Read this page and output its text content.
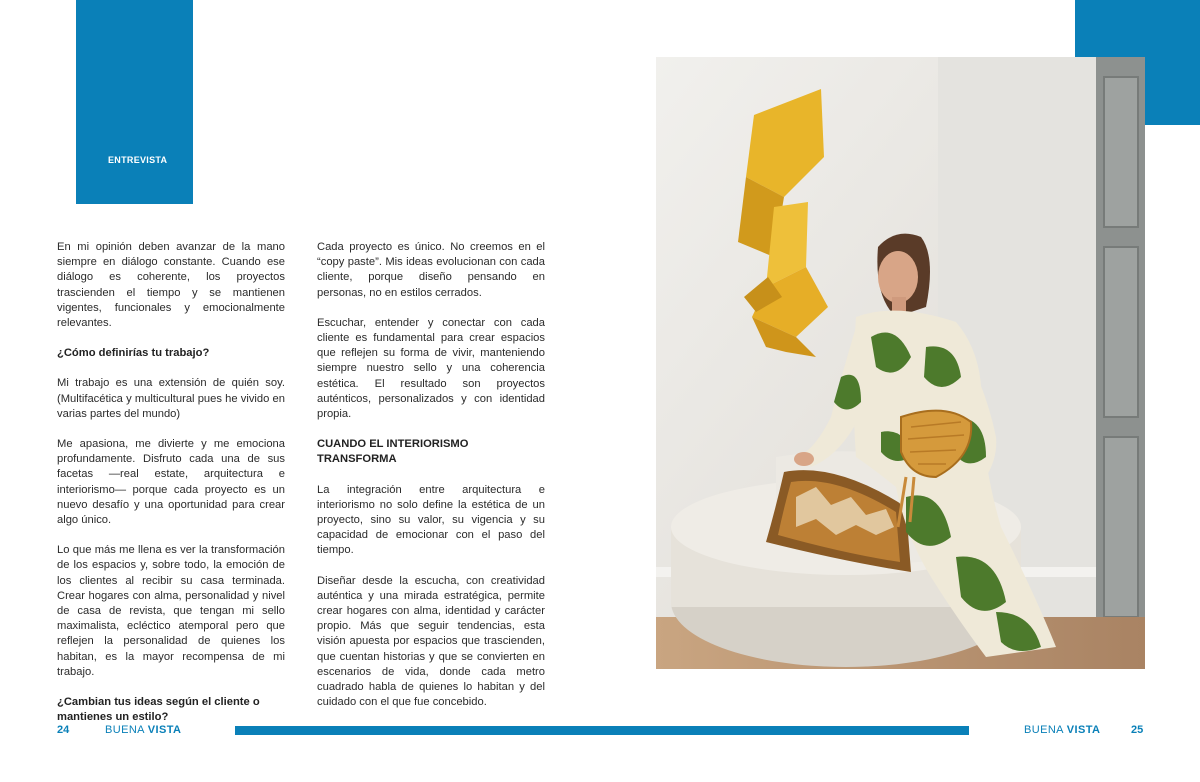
ENTREVISTA

En mi opinión deben avanzar de la mano siempre en diálogo constante. Cuando ese diálogo es coherente, los proyectos trascienden el tiempo y se mantienen vigentes, funcionales y emocionalmente relevantes.

¿Cómo definirías tu trabajo?

Mi trabajo es una extensión de quién soy. (Multifacética y multicultural pues he vivido en varias partes del mundo)

Me apasiona, me divierte y me emociona profundamente. Disfruto cada una de sus facetas —real estate, arquitectura e interiorismo— porque cada proyecto es un nuevo desafío y una oportunidad para crear algo único.

Lo que más me llena es ver la transformación de los espacios y, sobre todo, la emoción de los clientes al recibir su casa terminada. Crear hogares con alma, personalidad y nivel de casa de revista, que tengan mi sello maximalista, ecléctico atemporal pero que reflejen la personalidad de quienes los habitan, es la mayor recompensa de mi trabajo.

¿Cambian tus ideas según el cliente o mantienes un estilo?

Cada proyecto es único. No creemos en el “copy paste”. Mis ideas evolucionan con cada cliente, porque diseño pensando en personas, no en estilos cerrados.

Escuchar, entender y conectar con cada cliente es fundamental para crear espacios que reflejen su forma de vivir, manteniendo siempre nuestro sello y una coherencia estética. El resultado son proyectos auténticos, personalizados y con identidad propia.

CUANDO EL INTERIORISMO TRANSFORMA

La integración entre arquitectura e interiorismo no solo define la estética de un proyecto, sino su valor, su vigencia y su capacidad de emocionar con el paso del tiempo.

Diseñar desde la escucha, con creatividad auténtica y una mirada estratégica, permite crear hogares con alma, identidad y carácter propio. Más que seguir tendencias, esta visión apuesta por espacios que trascienden, que cuentan historias y que se convierten en escenarios de vida, donde cada metro cuadrado habla de quienes lo habitan y del cuidado con el que fue concebido.

24	BUENA VISTA	BUENA VISTA	25
